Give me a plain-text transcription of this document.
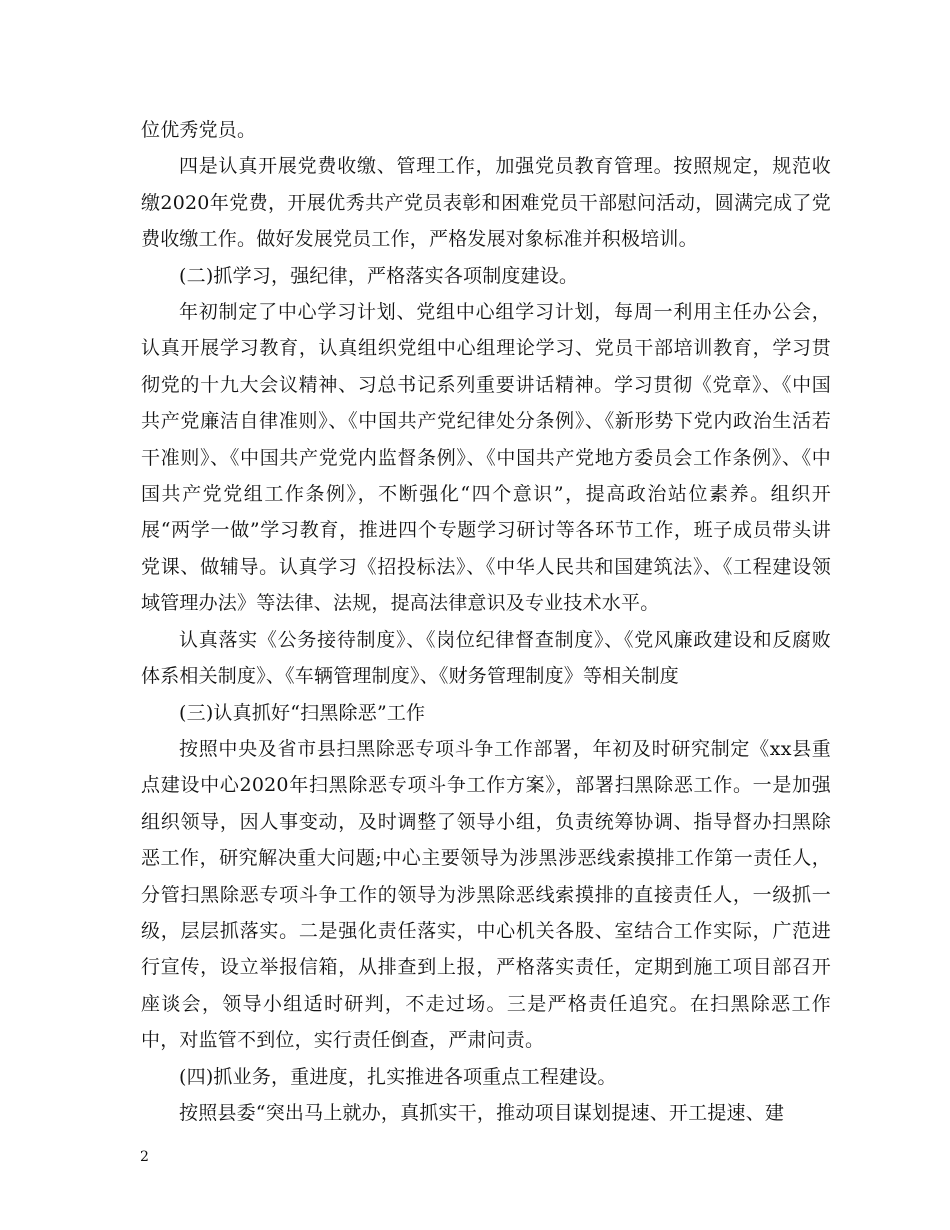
位优秀党员。

四是认真开展党费收缴、管理工作，加强党员教育管理。按照规定，规范收缴2020年党费，开展优秀共产党员表彰和困难党员干部慰问活动，圆满完成了党费收缴工作。做好发展党员工作，严格发展对象标准并积极培训。

(二)抓学习，强纪律，严格落实各项制度建设。

年初制定了中心学习计划、党组中心组学习计划，每周一利用主任办公会，认真开展学习教育，认真组织党组中心组理论学习、党员干部培训教育，学习贯彻党的十九大会议精神、习总书记系列重要讲话精神。学习贯彻《党章》、《中国共产党廉洁自律准则》、《中国共产党纪律处分条例》、《新形势下党内政治生活若干准则》、《中国共产党党内监督条例》、《中国共产党地方委员会工作条例》、《中国共产党党组工作条例》，不断强化“四个意识”，提高政治站位素养。组织开展“两学一做”学习教育，推进四个专题学习研讨等各环节工作，班子成员带头讲党课、做辅导。认真学习《招投标法》、《中华人民共和国建筑法》、《工程建设领域管理办法》等法律、法规，提高法律意识及专业技术水平。

认真落实《公务接待制度》、《岗位纪律督查制度》、《党风廉政建设和反腐败体系相关制度》、《车辆管理制度》、《财务管理制度》等相关制度

(三)认真抓好“扫黑除恶”工作

按照中央及省市县扫黑除恶专项斗争工作部署，年初及时研究制定《xx县重点建设中心2020年扫黑除恶专项斗争工作方案》，部署扫黑除恶工作。一是加强组织领导，因人事变动，及时调整了领导小组，负责统筹协调、指导督办扫黑除恶工作，研究解决重大问题;中心主要领导为涉黑涉恶线索摸排工作第一责任人，分管扫黑除恶专项斗争工作的领导为涉黑除恶线索摸排的直接责任人，一级抓一级，层层抓落实。二是强化责任落实，中心机关各股、室结合工作实际，广范进行宣传，设立举报信箱，从排查到上报，严格落实责任，定期到施工项目部召开座谈会，领导小组适时研判，不走过场。三是严格责任追究。在扫黑除恶工作中，对监管不到位，实行责任倒查，严肃问责。

(四)抓业务，重进度，扎实推进各项重点工程建设。

按照县委“突出马上就办，真抓实干，推动项目谋划提速、开工提速、建

2
